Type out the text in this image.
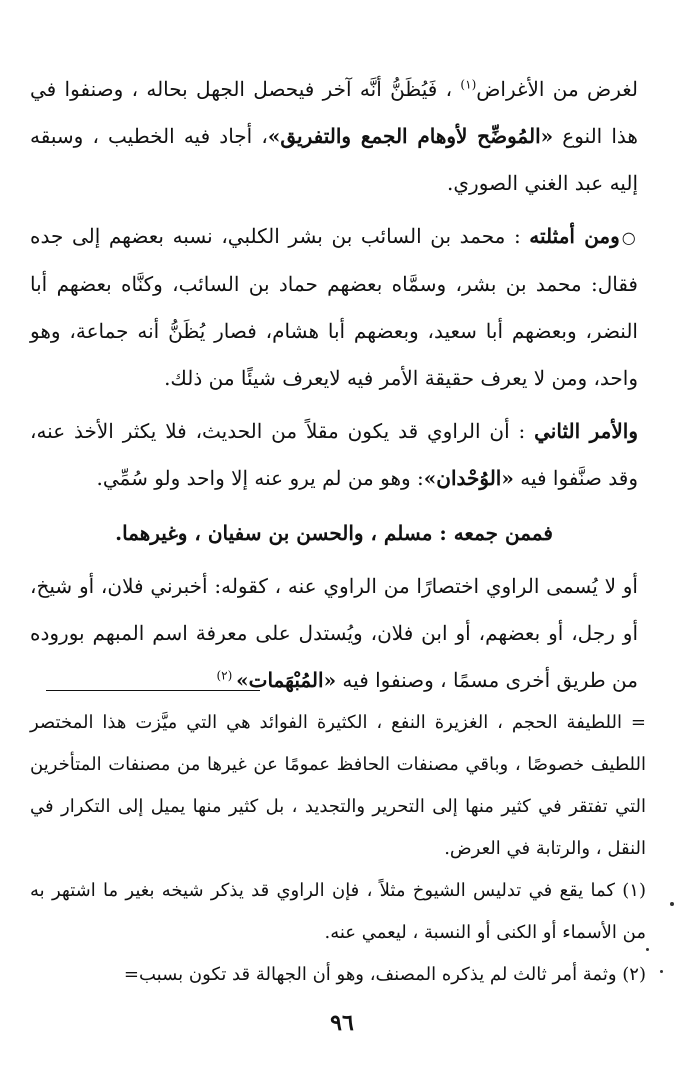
لغرض من الأغراض$^{(١)}$ ، فَيُظَنُّ أنَّه آخر فيحصل الجهل بحاله ، وصنفوا في هذا النوع «المُوضِّح لأوهام الجمع والتفريق»، أجاد فيه الخطيب ، وسبقه إليه عبد الغني الصوري.

○ومن أمثلته : محمد بن السائب بن بشر الكلبي، نسبه بعضهم إلى جده فقال: محمد بن بشر، وسمَّاه بعضهم حماد بن السائب، وكنَّاه بعضهم أبا النضر، وبعضهم أبا سعيد، وبعضهم أبا هشام، فصار يُظَنُّ أنه جماعة، وهو واحد، ومن لا يعرف حقيقة الأمر فيه لايعرف شيئًا من ذلك.

والأمر الثاني : أن الراوي قد يكون مقلاً من الحديث، فلا يكثر الأخذ عنه، وقد صنَّفوا فيه «الوُحْدان»: وهو من لم يرو عنه إلا واحد ولو سُمِّي.

فممن جمعه : مسلم ، والحسن بن سفيان ، وغيرهما.

أو لا يُسمى الراوي اختصارًا من الراوي عنه ، كقوله: أخبرني فلان، أو شيخ، أو رجل، أو بعضهم، أو ابن فلان، ويُستدل على معرفة اسم المبهم بوروده من طريق أخرى مسمًا ، وصنفوا فيه «المُبْهَمات» $^{(٢)}$

= اللطيفة الحجم ، الغزيرة النفع ، الكثيرة الفوائد هي التي ميَّزت هذا المختصر اللطيف خصوصًا ، وباقي مصنفات الحافظ عمومًا عن غيرها من مصنفات المتأخرين التي تفتقر في كثير منها إلى التحرير والتجديد ، بل كثير منها يميل إلى التكرار في النقل ، والرتابة في العرض.

(١) كما يقع في تدليس الشيوخ مثلاً ، فإن الراوي قد يذكر شيخه بغير ما اشتهر به من الأسماء أو الكنى أو النسبة ، ليعمي عنه.

(٢) وثمة أمر ثالث لم يذكره المصنف، وهو أن الجهالة قد تكون بسبب=

٩٦
